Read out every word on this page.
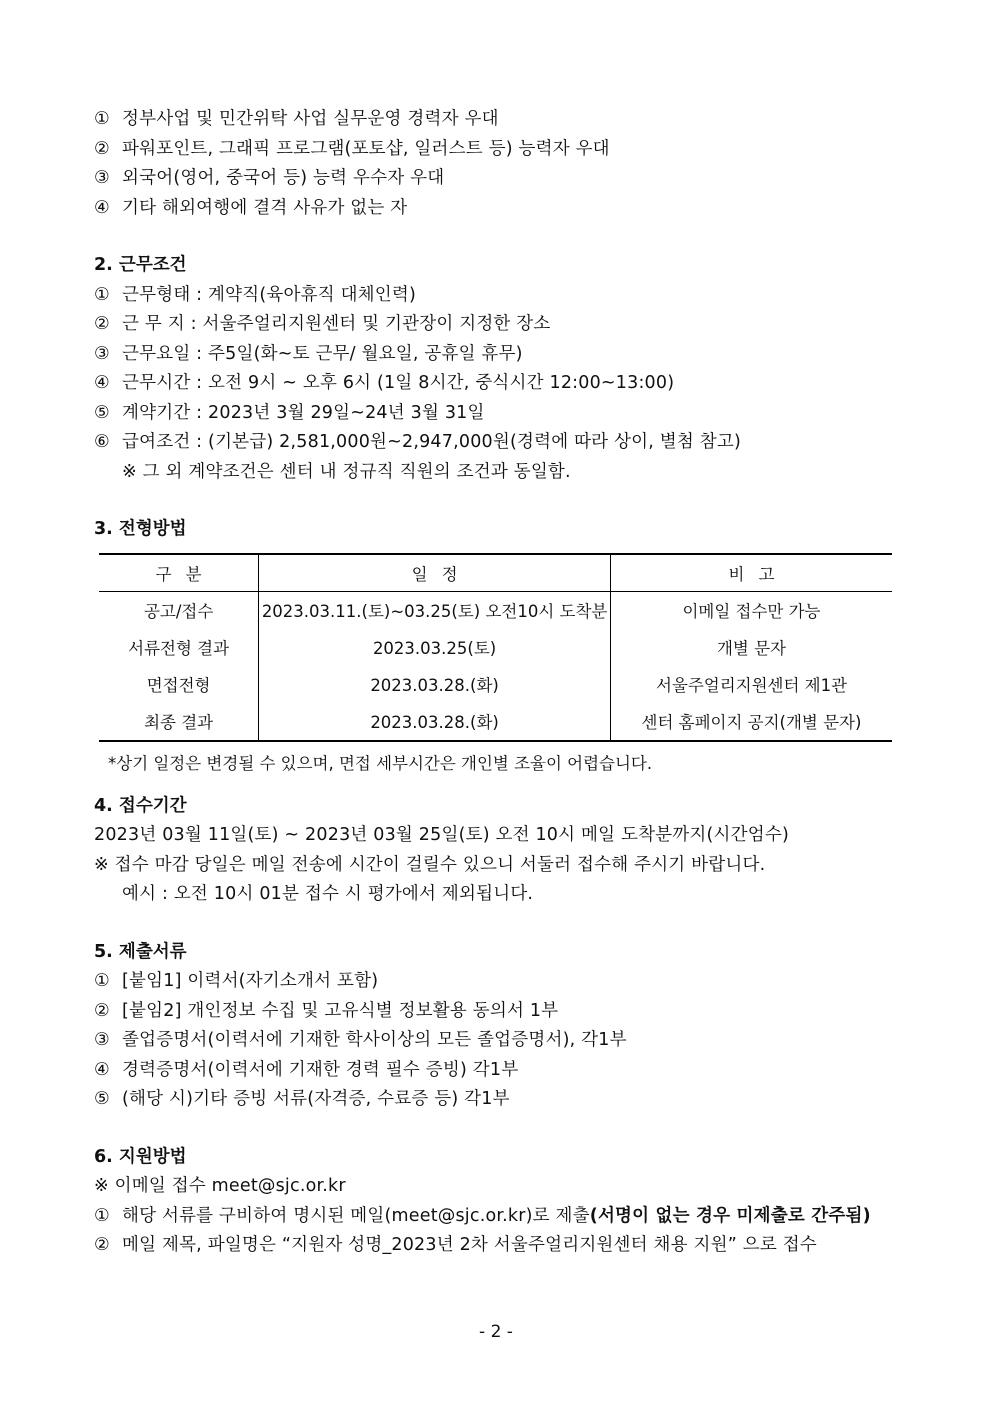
① 정부사업 및 민간위탁 사업 실무운영 경력자 우대
② 파워포인트, 그래픽 프로그램(포토샵, 일러스트 등) 능력자 우대
③ 외국어(영어, 중국어 등) 능력 우수자 우대
④ 기타 해외여행에 결격 사유가 없는 자
2. 근무조건
① 근무형태 : 계약직(육아휴직 대체인력)
② 근 무 지 : 서울주얼리지원센터 및 기관장이 지정한 장소
③ 근무요일 : 주5일(화~토 근무/ 월요일, 공휴일 휴무)
④ 근무시간 : 오전 9시 ~ 오후 6시 (1일 8시간, 중식시간 12:00~13:00)
⑤ 계약기간 : 2023년 3월 29일~24년 3월 31일
⑥ 급여조건 : (기본급) 2,581,000원~2,947,000원(경력에 따라 상이, 별첨 참고)
※ 그 외 계약조건은 센터 내 정규직 직원의 조건과 동일함.
3. 전형방법
구분	일정	비고
공고/접수	2023.03.11.(토)~03.25(토) 오전10시 도착분	이메일 접수만 가능
서류전형 결과	2023.03.25(토)	개별 문자
면접전형	2023.03.28.(화)	서울주얼리지원센터 제1관
최종 결과	2023.03.28.(화)	센터 홈페이지 공지(개별 문자)
*상기 일정은 변경될 수 있으며, 면접 세부시간은 개인별 조율이 어렵습니다.
4. 접수기간
2023년 03월 11일(토) ~ 2023년 03월 25일(토) 오전 10시 메일 도착분까지(시간엄수)
※ 접수 마감 당일은 메일 전송에 시간이 걸릴수 있으니 서둘러 접수해 주시기 바랍니다.
예시 : 오전 10시 01분 접수 시 평가에서 제외됩니다.
5. 제출서류
① [붙임1] 이력서(자기소개서 포함)
② [붙임2] 개인정보 수집 및 고유식별 정보활용 동의서 1부
③ 졸업증명서(이력서에 기재한 학사이상의 모든 졸업증명서), 각1부
④ 경력증명서(이력서에 기재한 경력 필수 증빙) 각1부
⑤ (해당 시)기타 증빙 서류(자격증, 수료증 등) 각1부
6. 지원방법
※ 이메일 접수 meet@sjc.or.kr
① 해당 서류를 구비하여 명시된 메일(meet@sjc.or.kr)로 제출(서명이 없는 경우 미제출로 간주됨)
② 메일 제목, 파일명은 “지원자 성명_2023년 2차 서울주얼리지원센터 채용 지원” 으로 접수
- 2 -
